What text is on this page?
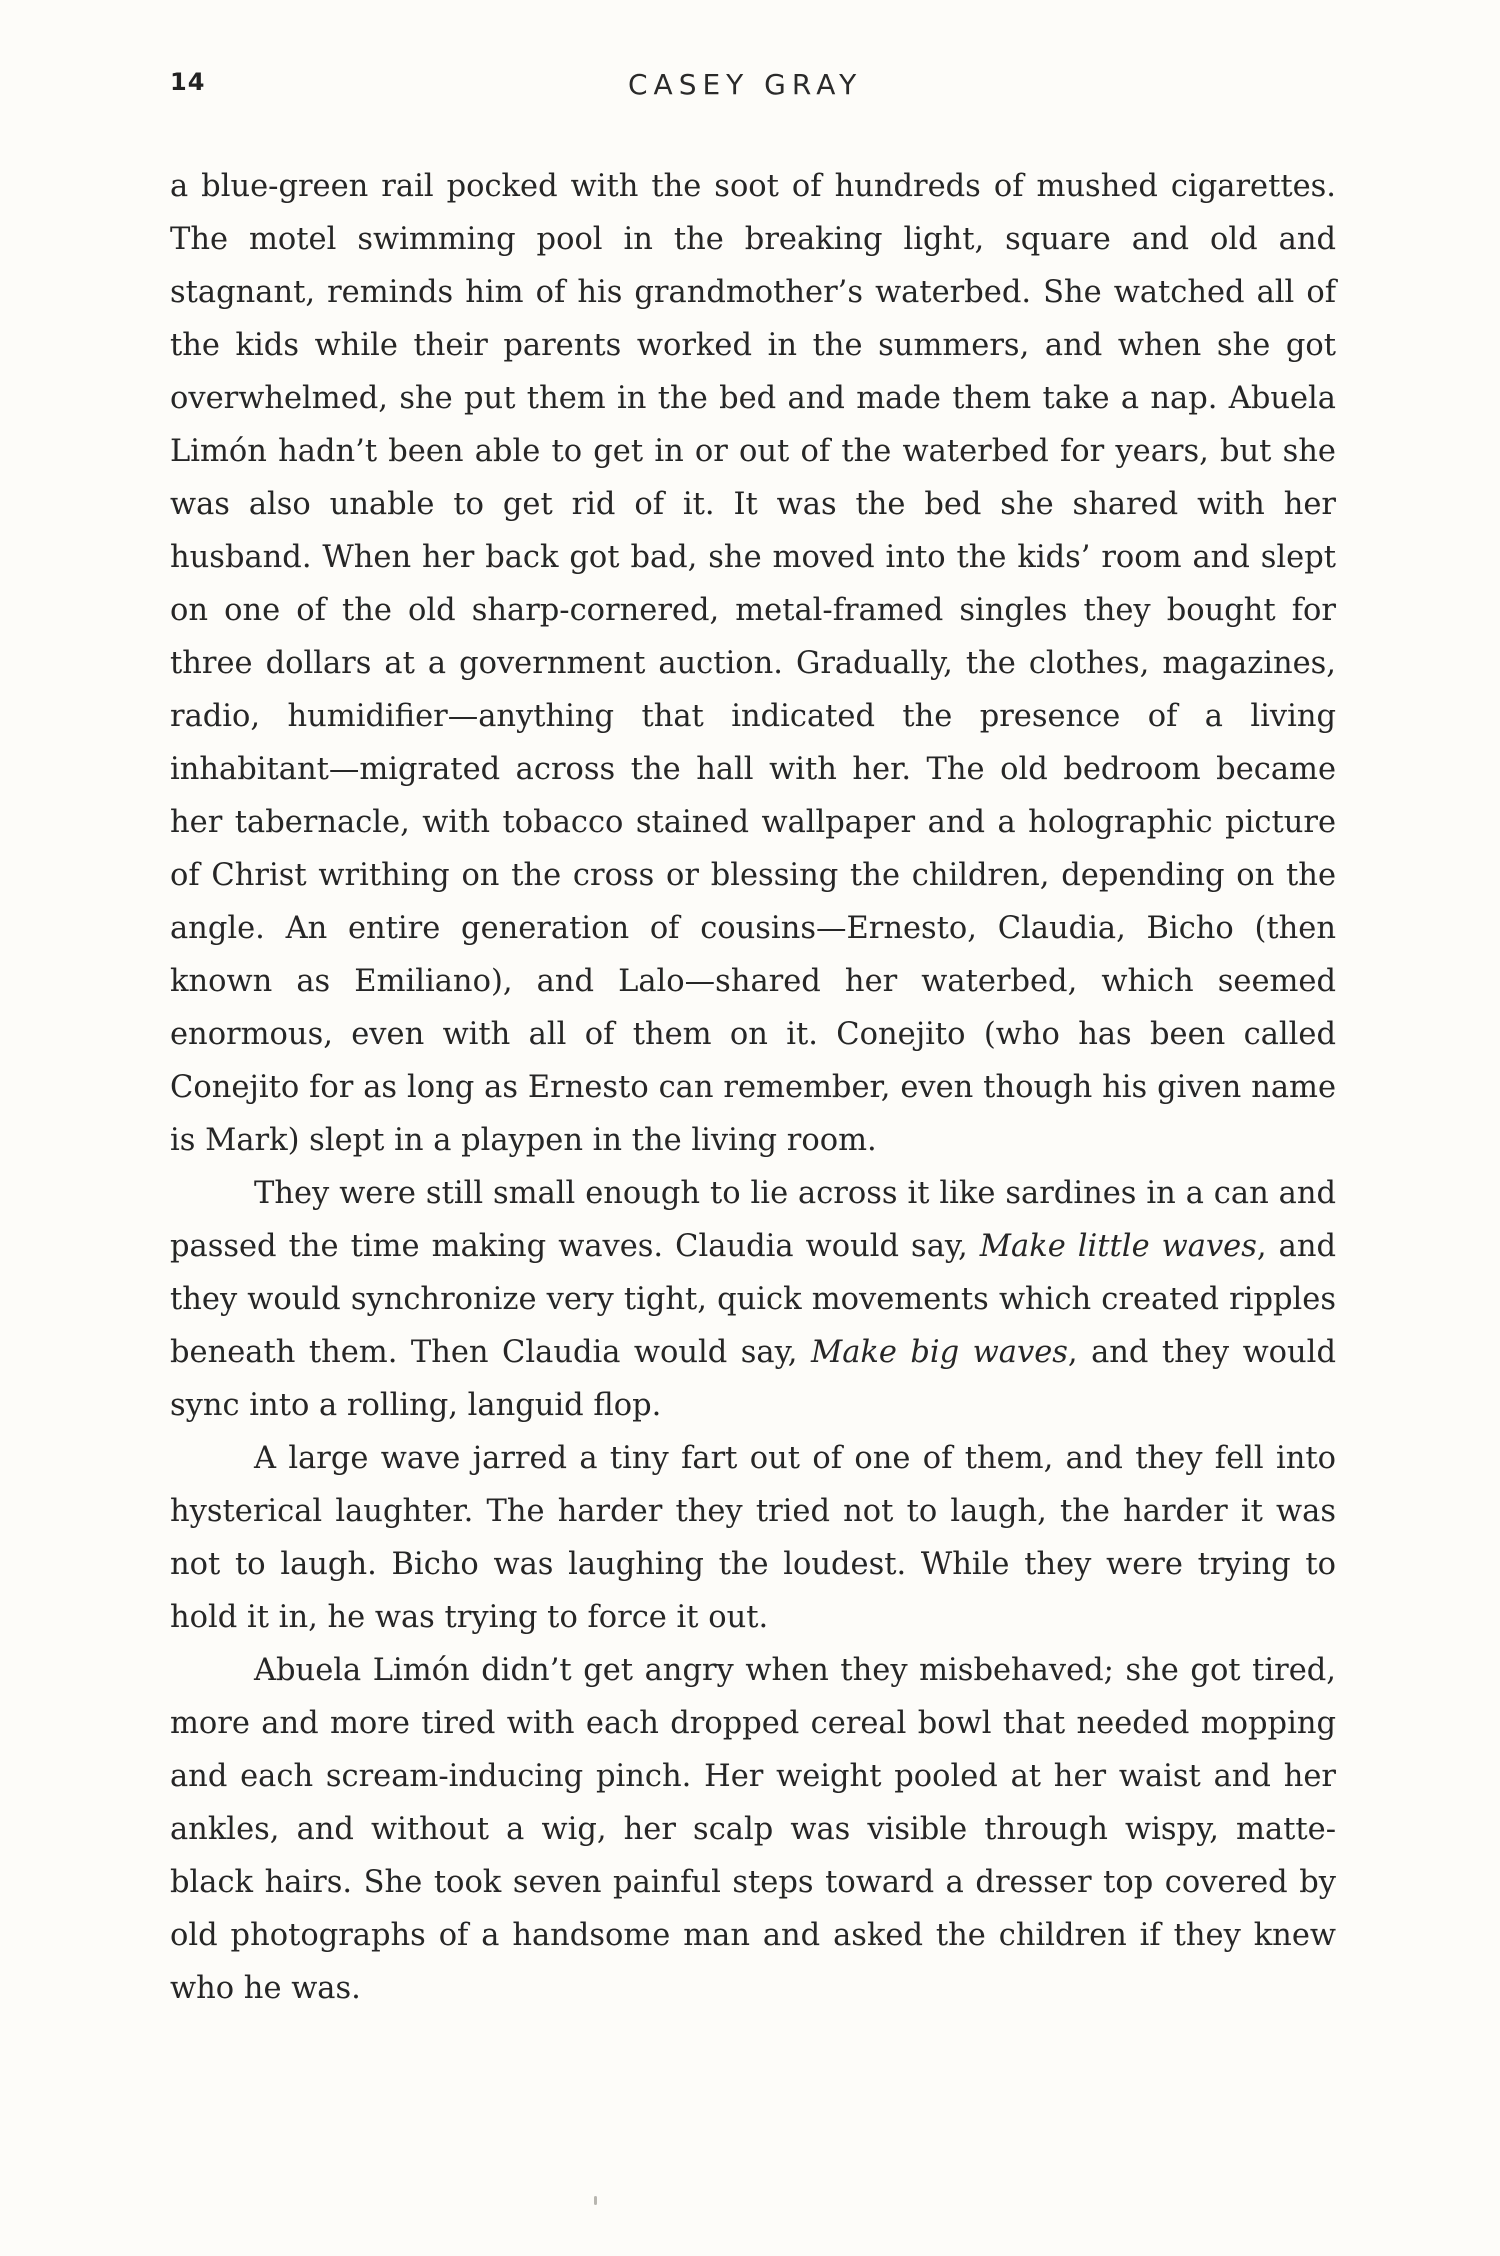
14	CASEY GRAY

a blue-green rail pocked with the soot of hundreds of mushed cigarettes. The motel swimming pool in the breaking light, square and old and stagnant, reminds him of his grandmother’s waterbed. She watched all of the kids while their parents worked in the summers, and when she got overwhelmed, she put them in the bed and made them take a nap. Abuela Limón hadn’t been able to get in or out of the waterbed for years, but she was also unable to get rid of it. It was the bed she shared with her husband. When her back got bad, she moved into the kids’ room and slept on one of the old sharp-cornered, metal-framed singles they bought for three dollars at a government auction. Gradually, the clothes, magazines, radio, humidifier—anything that indicated the presence of a living inhabitant—migrated across the hall with her. The old bedroom became her tabernacle, with tobacco stained wallpaper and a holographic picture of Christ writhing on the cross or blessing the children, depending on the angle. An entire generation of cousins—Ernesto, Claudia, Bicho (then known as Emiliano), and Lalo—shared her waterbed, which seemed enormous, even with all of them on it. Conejito (who has been called Conejito for as long as Ernesto can remember, even though his given name is Mark) slept in a playpen in the living room.

They were still small enough to lie across it like sardines in a can and passed the time making waves. Claudia would say, Make little waves, and they would synchronize very tight, quick movements which created ripples beneath them. Then Claudia would say, Make big waves, and they would sync into a rolling, languid flop.

A large wave jarred a tiny fart out of one of them, and they fell into hysterical laughter. The harder they tried not to laugh, the harder it was not to laugh. Bicho was laughing the loudest. While they were trying to hold it in, he was trying to force it out.

Abuela Limón didn’t get angry when they misbehaved; she got tired, more and more tired with each dropped cereal bowl that needed mopping and each scream-inducing pinch. Her weight pooled at her waist and her ankles, and without a wig, her scalp was visible through wispy, matte-black hairs. She took seven painful steps toward a dresser top covered by old photographs of a handsome man and asked the children if they knew who he was.
